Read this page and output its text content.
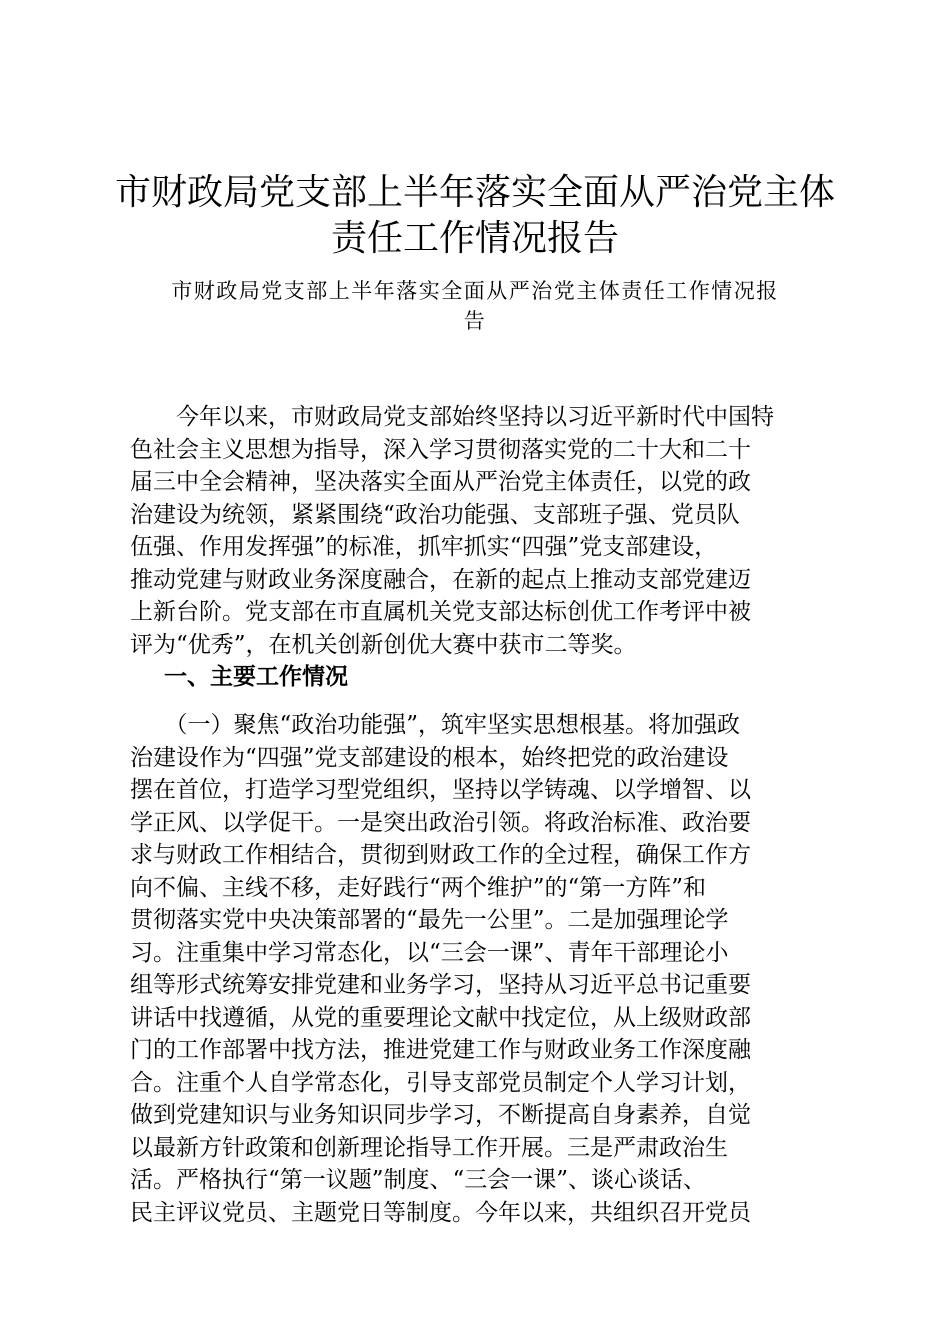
市财政局党支部上半年落实全面从严治党主体
责任工作情况报告
市财政局党支部上半年落实全面从严治党主体责任工作情况报
告
　　今年以来，市财政局党支部始终坚持以习近平新时代中国特
色社会主义思想为指导，深入学习贯彻落实党的二十大和二十
届三中全会精神，坚决落实全面从严治党主体责任，以党的政
治建设为统领，紧紧围绕“政治功能强、支部班子强、党员队
伍强、作用发挥强”的标准，抓牢抓实“四强”党支部建设，
推动党建与财政业务深度融合，在新的起点上推动支部党建迈
上新台阶。党支部在市直属机关党支部达标创优工作考评中被
评为“优秀”，在机关创新创优大赛中获市二等奖。
一、主要工作情况
　　（一）聚焦“政治功能强”，筑牢坚实思想根基。将加强政
治建设作为“四强”党支部建设的根本，始终把党的政治建设
摆在首位，打造学习型党组织，坚持以学铸魂、以学增智、以
学正风、以学促干。一是突出政治引领。将政治标准、政治要
求与财政工作相结合，贯彻到财政工作的全过程，确保工作方
向不偏、主线不移，走好践行“两个维护”的“第一方阵”和
贯彻落实党中央决策部署的“最先一公里”。二是加强理论学
习。注重集中学习常态化，以“三会一课”、青年干部理论小
组等形式统筹安排党建和业务学习，坚持从习近平总书记重要
讲话中找遵循，从党的重要理论文献中找定位，从上级财政部
门的工作部署中找方法，推进党建工作与财政业务工作深度融
合。注重个人自学常态化，引导支部党员制定个人学习计划，
做到党建知识与业务知识同步学习，不断提高自身素养，自觉
以最新方针政策和创新理论指导工作开展。三是严肃政治生
活。严格执行“第一议题”制度、“三会一课”、谈心谈话、
民主评议党员、主题党日等制度。今年以来，共组织召开党员
